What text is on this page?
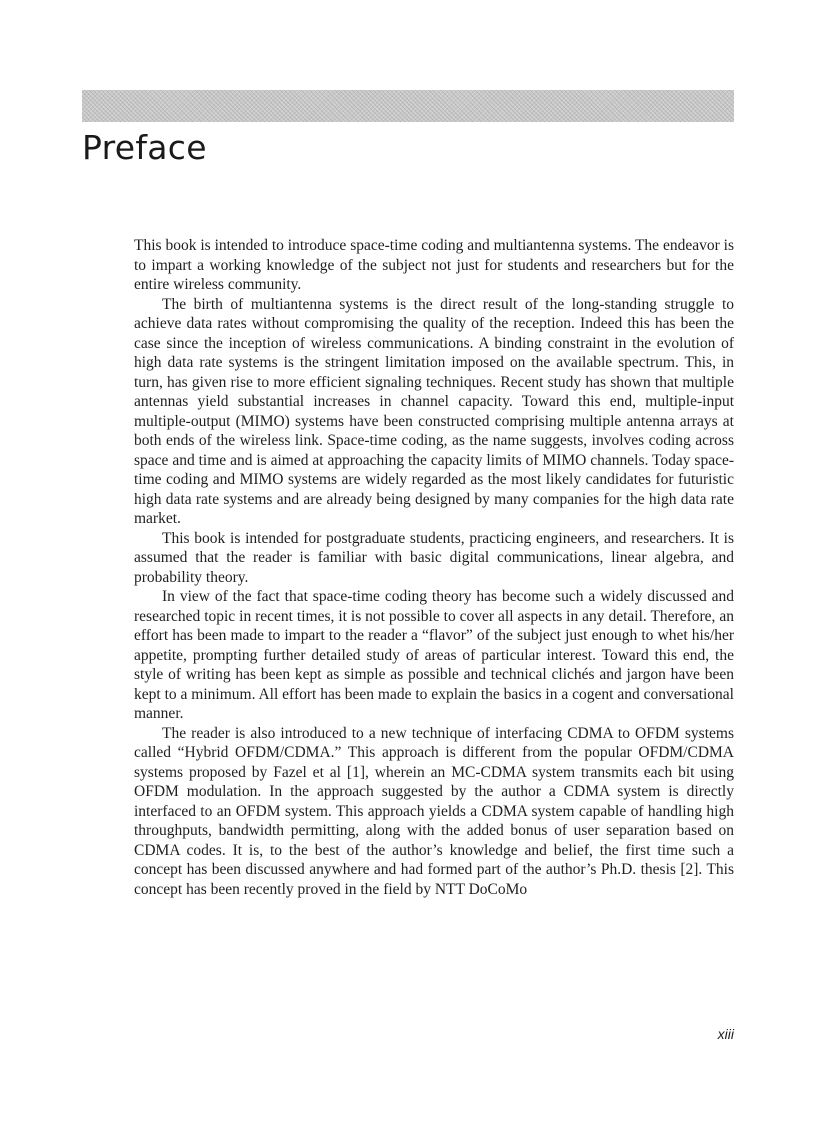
Preface

This book is intended to introduce space-time coding and multiantenna systems. The endeavor is to impart a working knowledge of the subject not just for students and researchers but for the entire wireless community.

The birth of multiantenna systems is the direct result of the long-standing struggle to achieve data rates without compromising the quality of the reception. Indeed this has been the case since the inception of wireless communications. A binding constraint in the evolution of high data rate systems is the stringent limitation imposed on the available spectrum. This, in turn, has given rise to more efficient signaling techniques. Recent study has shown that multiple antennas yield substantial increases in channel capacity. Toward this end, multiple-input multiple-output (MIMO) systems have been constructed comprising multiple antenna arrays at both ends of the wireless link. Space-time coding, as the name suggests, involves coding across space and time and is aimed at approaching the capacity limits of MIMO channels. Today space-time coding and MIMO systems are widely regarded as the most likely candidates for futuristic high data rate systems and are already being designed by many companies for the high data rate market.

This book is intended for postgraduate students, practicing engineers, and researchers. It is assumed that the reader is familiar with basic digital communications, linear algebra, and probability theory.

In view of the fact that space-time coding theory has become such a widely discussed and researched topic in recent times, it is not possible to cover all aspects in any detail. Therefore, an effort has been made to impart to the reader a “flavor” of the subject just enough to whet his/her appetite, prompting further detailed study of areas of particular interest. Toward this end, the style of writing has been kept as simple as possible and technical clichés and jargon have been kept to a minimum. All effort has been made to explain the basics in a cogent and conversational manner.

The reader is also introduced to a new technique of interfacing CDMA to OFDM systems called “Hybrid OFDM/CDMA.” This approach is different from the popular OFDM/CDMA systems proposed by Fazel et al [1], wherein an MC-CDMA system transmits each bit using OFDM modulation. In the approach suggested by the author a CDMA system is directly interfaced to an OFDM system. This approach yields a CDMA system capable of handling high throughputs, bandwidth permitting, along with the added bonus of user separation based on CDMA codes. It is, to the best of the author’s knowledge and belief, the first time such a concept has been discussed anywhere and had formed part of the author’s Ph.D. thesis [2]. This concept has been recently proved in the field by NTT DoCoMo

xiii
